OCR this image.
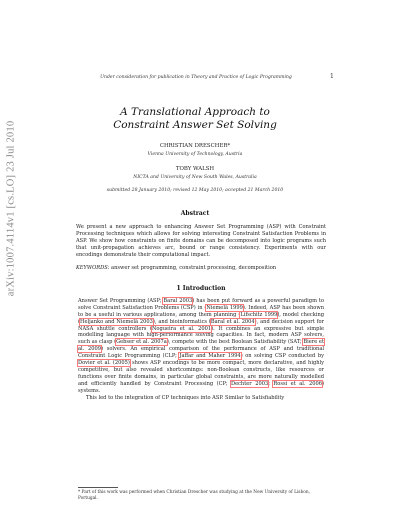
arXiv:1007.4114v1 [cs.LO] 23 Jul 2010
Under consideration for publication in Theory and Practice of Logic Programming	1
A Translational Approach to
Constraint Answer Set Solving
CHRISTIAN DRESCHER*
Vienna University of Technology, Austria
TOBY WALSH
NICTA and University of New South Wales, Australia
submitted 28 January 2010; revised 12 May 2010; accepted 21 March 2010
Abstract
We present a new approach to enhancing Answer Set Programming (ASP) with Constraint Processing techniques which allows for solving interesting Constraint Satisfaction Problems in ASP. We show how constraints on finite domains can be decomposed into logic programs such that unit-propagation achieves arc, bound or range consistency. Experiments with our encodings demonstrate their computational impact.
KEYWORDS: answer set programming, constraint processing, decomposition
1 Introduction

Answer Set Programming (ASP; Baral 2003) has been put forward as a powerful paradigm to solve Constraint Satisfaction Problems (CSP) in (Niemelä 1999). Indeed, ASP has been shown to be a useful in various applications, among them planning (Lifschitz 1999), model checking (Heljanko and Niemelä 2003), and bioinformatics (Baral et al. 2004), and decision support for NASA shuttle controllers (Nogueira et al. 2001). It combines an expressive but simple modelling language with high-performance solving capacities. In fact, modern ASP solvers, such as clasp (Gebser et al. 2007a), compete with the best Boolean Satisfiability (SAT; Biere et al. 2009) solvers. An empirical comparison of the performance of ASP and traditional Constraint Logic Programming (CLP; Jaffar and Maher 1994) on solving CSP conducted by Dovier et al. (2005) shows ASP encodings to be more compact, more declarative, and highly competitive, but also revealed shortcomings: non-Boolean constructs, like resources or functions over finite domains, in particular global constraints, are more naturally modelled and efficiently handled by Constraint Processing (CP; Dechter 2003; Rossi et al. 2006) systems.

This led to the integration of CP techniques into ASP. Similar to Satisfiability

* Part of this work was performed when Christian Drescher was studying at the New University of Lisbon, Portugal.
